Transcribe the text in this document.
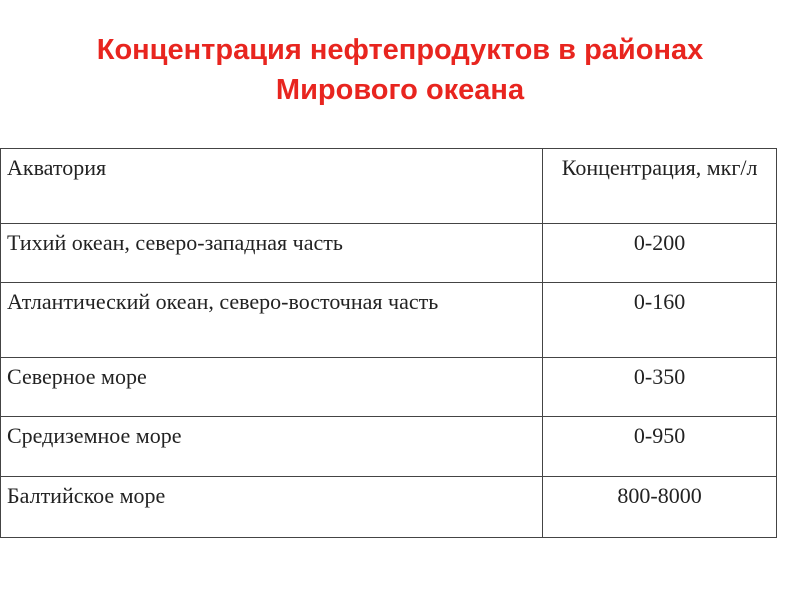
Концентрация нефтепродуктов в районах
Мирового океана
Акватория	Концентрация, мкг/л
Тихий океан, северо-западная часть	0-200
Атлантический океан, северо-восточная часть	0-160
Северное море	0-350
Средиземное море	0-950
Балтийское море	800-8000
